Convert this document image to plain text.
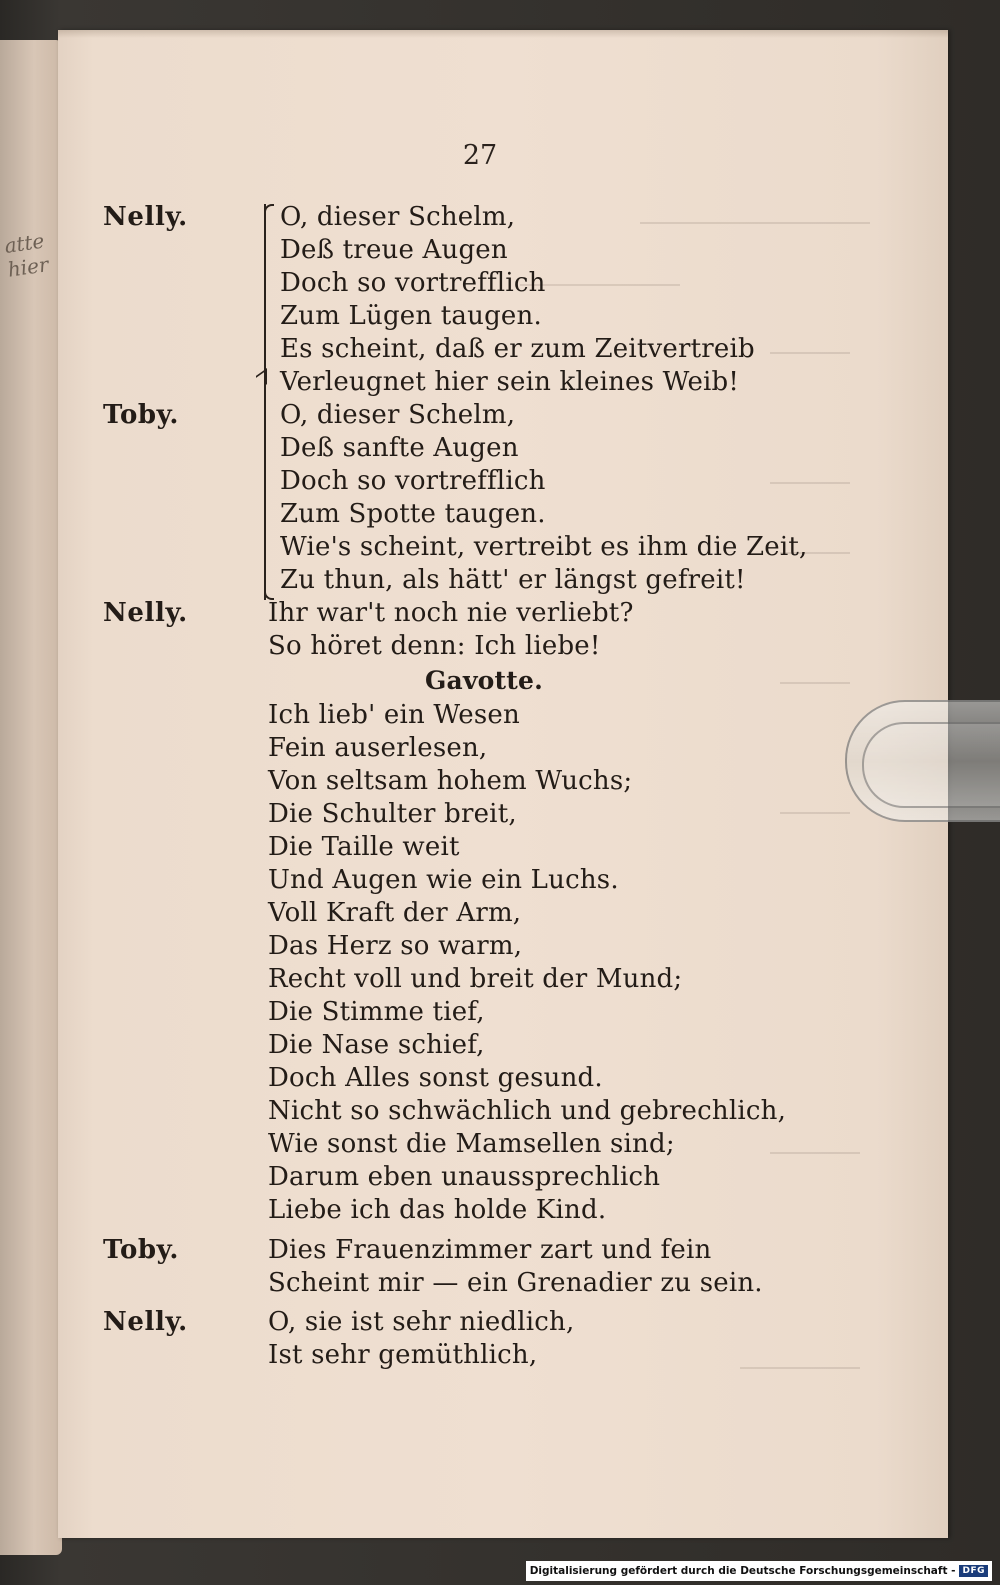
atte hier
27
Nelly.	O, dieser Schelm,
Deß treue Augen
Doch so vortrefflich
Zum Lügen taugen.
Es scheint, daß er zum Zeitvertreib
Verleugnet hier sein kleines Weib!
Toby.	O, dieser Schelm,
Deß sanfte Augen
Doch so vortrefflich
Zum Spotte taugen.
Wie's scheint, vertreibt es ihm die Zeit,
Zu thun, als hätt' er längst gefreit!
Nelly.	Ihr war't noch nie verliebt?
So höret denn: Ich liebe!
Gavotte.
Ich lieb' ein Wesen
Fein auserlesen,
Von seltsam hohem Wuchs;
Die Schulter breit,
Die Taille weit
Und Augen wie ein Luchs.
Voll Kraft der Arm,
Das Herz so warm,
Recht voll und breit der Mund;
Die Stimme tief,
Die Nase schief,
Doch Alles sonst gesund.
Nicht so schwächlich und gebrechlich,
Wie sonst die Mamsellen sind;
Darum eben unaussprechlich
Liebe ich das holde Kind.
Toby.	Dies Frauenzimmer zart und fein
Scheint mir — ein Grenadier zu sein.
Nelly.	O, sie ist sehr niedlich,
Ist sehr gemüthlich,
Digitalisierung gefördert durch die Deutsche Forschungsgemeinschaft - DFG
